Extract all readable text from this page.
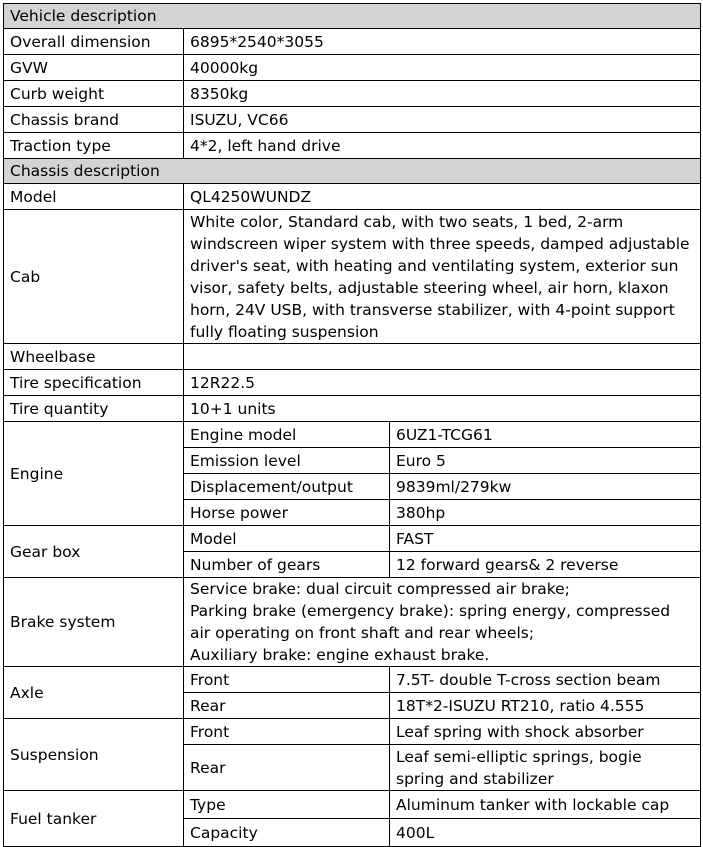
Vehicle description		
Overall dimension	6895*2540*3055	
GVW	40000kg	
Curb weight	8350kg	
Chassis brand	ISUZU, VC66	
Traction type	4*2, left hand drive	
Chassis description		
Model	QL4250WUNDZ	
Cab	White color, Standard cab, with two seats, 1 bed, 2-arm windscreen wiper system with three speeds, damped adjustable driver's seat, with heating and ventilating system, exterior sun visor, safety belts, adjustable steering wheel, air horn, klaxon horn, 24V USB, with transverse stabilizer, with 4-point support fully floating suspension	
Wheelbase		
Tire specification	12R22.5	
Tire quantity	10+1 units	
Engine	Engine model	6UZ1-TCG61
	Emission level	Euro 5
	Displacement/output	9839ml/279kw
	Horse power	380hp
Gear box	Model	FAST
	Number of gears	12 forward gears& 2 reverse
Brake system	Service brake: dual circuit compressed air brake;
Parking brake (emergency brake): spring energy, compressed air operating on front shaft and rear wheels;
Auxiliary brake: engine exhaust brake.	

Axle	Front	7.5T- double T-cross section beam
	Rear	18T*2-ISUZU RT210, ratio 4.555
Suspension	Front	Leaf spring with shock absorber
	Rear	Leaf semi-elliptic springs, bogie spring and stabilizer
Fuel tanker	Type	Aluminum tanker with lockable cap
	Capacity	400L
